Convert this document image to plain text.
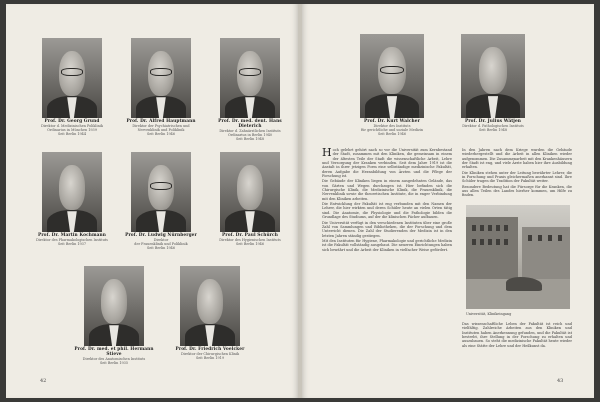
Prof. Dr. Georg Grund
Direktor d. Medizinischen Poliklinik
Ordinarius in München 1939
Seit Berlin 1944
Prof. Dr. Alfred Hauptmann
Direktor der Psychiatrischen und
Nervenklinik und Poliklinik
Seit Berlin 1946
Prof. Dr. med. dent. Hans Dieterich
Direktor d. Zahnärztlichen Instituts
Ordinarius in Berlin 1940
Seit Berlin 1948
Prof. Dr. Martin Kochmann
Direktor des Pharmakologischen Instituts
Seit Berlin 1937
Prof. Dr. Ludwig Nürnberger
Direktor
der Frauenklinik und Poliklinik
Seit Berlin 1946
Prof. Dr. Paul Schürch
Direktor des Hygienischen Instituts
Seit Berlin 1946
Prof. Dr. med. et phil. Hermann Stieve
Direktor des Anatomischen Instituts
Seit Berlin 1935
Prof. Dr. Friedrich Voelcker
Direktor der Chirurgischen Klinik
Seit Berlin 1919
Prof. Dr. Kurt Walcher
Direktor des Instituts
für gerichtliche und soziale Medizin
Seit Berlin 1946
Prof. Dr. Julius Wätjen
Direktor d. Pathologischen Instituts
Seit Berlin 1948

Hoch gelehrt gehört nach so vor die Universität zum Kernbestand der Stadt, zusammen mit den Kliniken, die gemeinsam in einem der ältesten Teile der Stadt die wissenschaftliche Arbeit, Lehre und Versorgung der Kranken verbinden. Seit dem Jahre 1919 ist die Anstalt in ihrer jetzigen Form eine selbständige medizinische Fakultät, deren Aufgabe die Heranbildung von Ärzten und die Pflege der Forschung ist.

Die Gebäude der Kliniken liegen in einem ausgedehnten Gelände, das von Gärten und Wegen durchzogen ist. Hier befinden sich die Chirurgische Klinik, die Medizinische Klinik, die Frauenklinik, die Nervenklinik sowie die theoretischen Institute, die in enger Verbindung mit den Kliniken arbeiten.

Die Entwicklung der Fakultät ist eng verbunden mit den Namen der Lehrer, die hier wirkten und deren Schüler heute an vielen Orten tätig sind. Die Anatomie, die Physiologie und die Pathologie bilden die Grundlage des Studiums, auf der die klinischen Fächer aufbauen.

Die Universität verfügt in den verschiedenen Instituten über eine große Zahl von Sammlungen und Bibliotheken, die der Forschung und dem Unterricht dienen. Die Zahl der Studierenden der Medizin ist in den letzten Jahren ständig gestiegen.

Mit den Instituten für Hygiene, Pharmakologie und gerichtliche Medizin ist die Fakultät vollständig ausgebaut. Die neueren Einrichtungen haben sich bewährt und die Arbeit der Kliniken in vielfacher Weise gefördert.

In den Jahren nach dem Kriege wurden die Gebäude wiederhergestellt und die Arbeit in allen Kliniken wieder aufgenommen. Die Zusammenarbeit mit den Krankenhäusern der Stadt ist eng, und viele Ärzte haben hier ihre Ausbildung erhalten.

Die Kliniken stehen unter der Leitung bewährter Lehrer, die in Forschung und Praxis gleichermaßen anerkannt sind. Ihre Schüler tragen die Tradition der Fakultät weiter.

Besondere Bedeutung hat die Fürsorge für die Kranken, die aus allen Teilen des Landes hierher kommen, um Hilfe zu finden.

Universität, Klinikeingang

Das wissenschaftliche Leben der Fakultät ist reich und vielfältig. Zahlreiche Arbeiten aus den Kliniken und Instituten haben Anerkennung gefunden, und die Fakultät ist bestrebt, ihre Stellung in der Forschung zu erhalten und auszubauen. So steht die medizinische Fakultät heute wieder als eine Stätte der Lehre und der Heilkunst da.

42	43
